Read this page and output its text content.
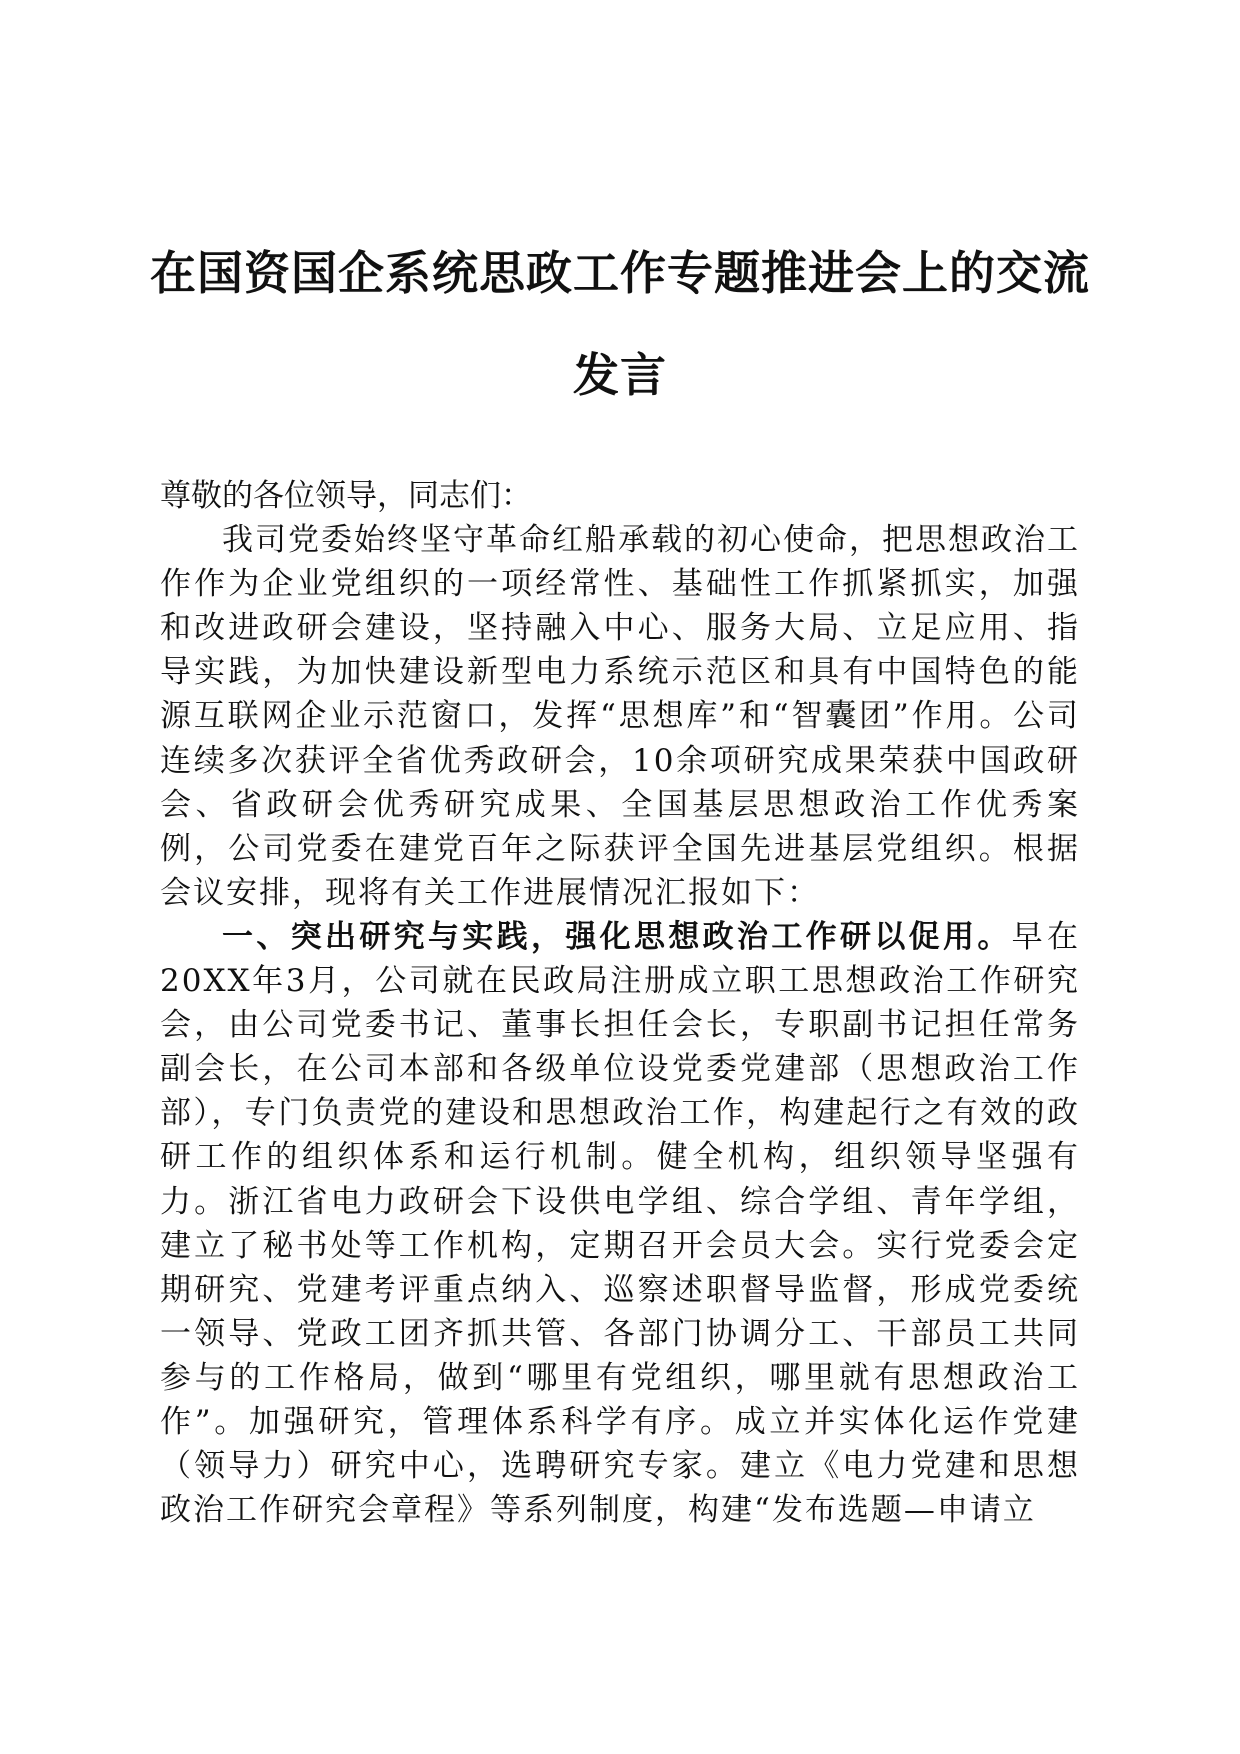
在国资国企系统思政工作专题推进会上的交流
发言

尊敬的各位领导，同志们：

我司党委始终坚守革命红船承载的初心使命，把思想政治工作作为企业党组织的一项经常性、基础性工作抓紧抓实，加强和改进政研会建设，坚持融入中心、服务大局、立足应用、指导实践，为加快建设新型电力系统示范区和具有中国特色的能源互联网企业示范窗口，发挥“思想库”和“智囊团”作用。公司连续多次获评全省优秀政研会，10余项研究成果荣获中国政研会、省政研会优秀研究成果、全国基层思想政治工作优秀案例，公司党委在建党百年之际获评全国先进基层党组织。根据会议安排，现将有关工作进展情况汇报如下：

一、突出研究与实践，强化思想政治工作研以促用。早在20XX年3月，公司就在民政局注册成立职工思想政治工作研究会，由公司党委书记、董事长担任会长，专职副书记担任常务副会长，在公司本部和各级单位设党委党建部（思想政治工作部），专门负责党的建设和思想政治工作，构建起行之有效的政研工作的组织体系和运行机制。健全机构，组织领导坚强有力。浙江省电力政研会下设供电学组、综合学组、青年学组，建立了秘书处等工作机构，定期召开会员大会。实行党委会定期研究、党建考评重点纳入、巡察述职督导监督，形成党委统一领导、党政工团齐抓共管、各部门协调分工、干部员工共同参与的工作格局，做到“哪里有党组织，哪里就有思想政治工作”。加强研究，管理体系科学有序。成立并实体化运作党建（领导力）研究中心，选聘研究专家。建立《电力党建和思想政治工作研究会章程》等系列制度，构建“发布选题—申请立
